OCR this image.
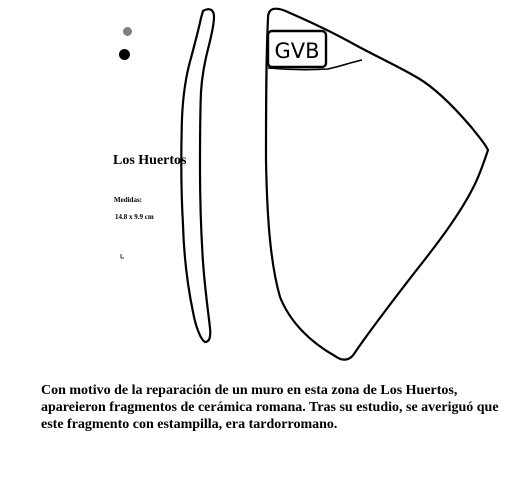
GVB
Los Huertos
Medidas:
14.8 x 9.9 cm
Con motivo de la reparación de un muro en esta zona de Los Huertos, apareieron fragmentos de cerámica romana. Tras su estudio, se averiguó que este fragmento con estampilla, era tardorromano.
